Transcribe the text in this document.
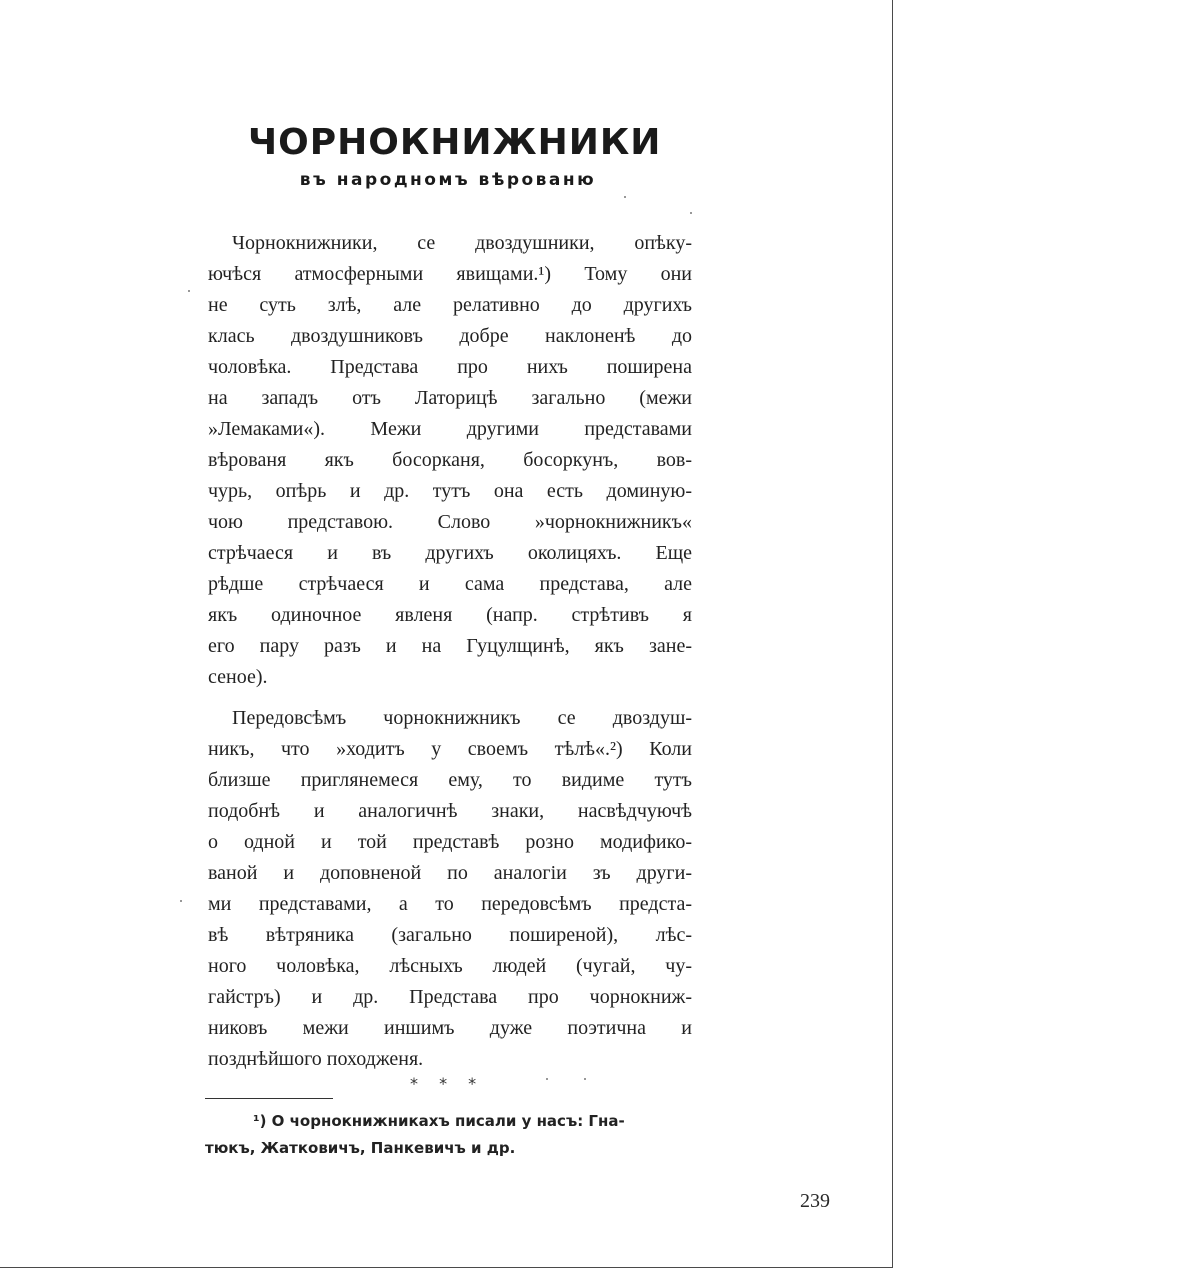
ЧОРНОКНИЖНИКИ
въ народномъ вѣрованю
Чорнокнижники, се двоздушники, опѣку-
ючѣся атмосферными явищами.¹) Тому они
не суть злѣ, але релативно до другихъ
клась двоздушниковъ добре наклоненѣ до
чоловѣка. Представа про нихъ поширена
на западъ отъ Латорицѣ загально (межи
»Лемаками«). Межи другими представами
вѣрованя якъ босорканя, босоркунъ, вов-
чурь, опѣрь и др. тутъ она есть доминую-
чою представою. Слово »чорнокнижникъ«
стрѣчаеся и въ другихъ околицяхъ. Еще
рѣдше стрѣчаеся и сама представа, але
якъ одиночное явленя (напр. стрѣтивъ я
его пару разъ и на Гуцулщинѣ, якъ зане-
сеное).
Передовсѣмъ чорнокнижникъ се двоздуш-
никъ, что »ходитъ у своемъ тѣлѣ«.²) Коли
близше приглянемеся ему, то видиме тутъ
подобнѣ и аналогичнѣ знаки, насвѣдчуючѣ
о одной и той представѣ розно модифико-
ваной и доповненой по аналогіи зъ други-
ми представами, а то передовсѣмъ предста-
вѣ вѣтряника (загально поширеной), лѣс-
ного чоловѣка, лѣсныхъ людей (чугай, чу-
гайстръ) и др. Представа про чорнокниж-
никовъ межи иншимъ дуже поэтична и
позднѣйшого походженя.
* * *
¹) О чорнокнижникахъ писали у насъ: Гна-
тюкъ, Жатковичъ, Панкевичъ и др.
239
